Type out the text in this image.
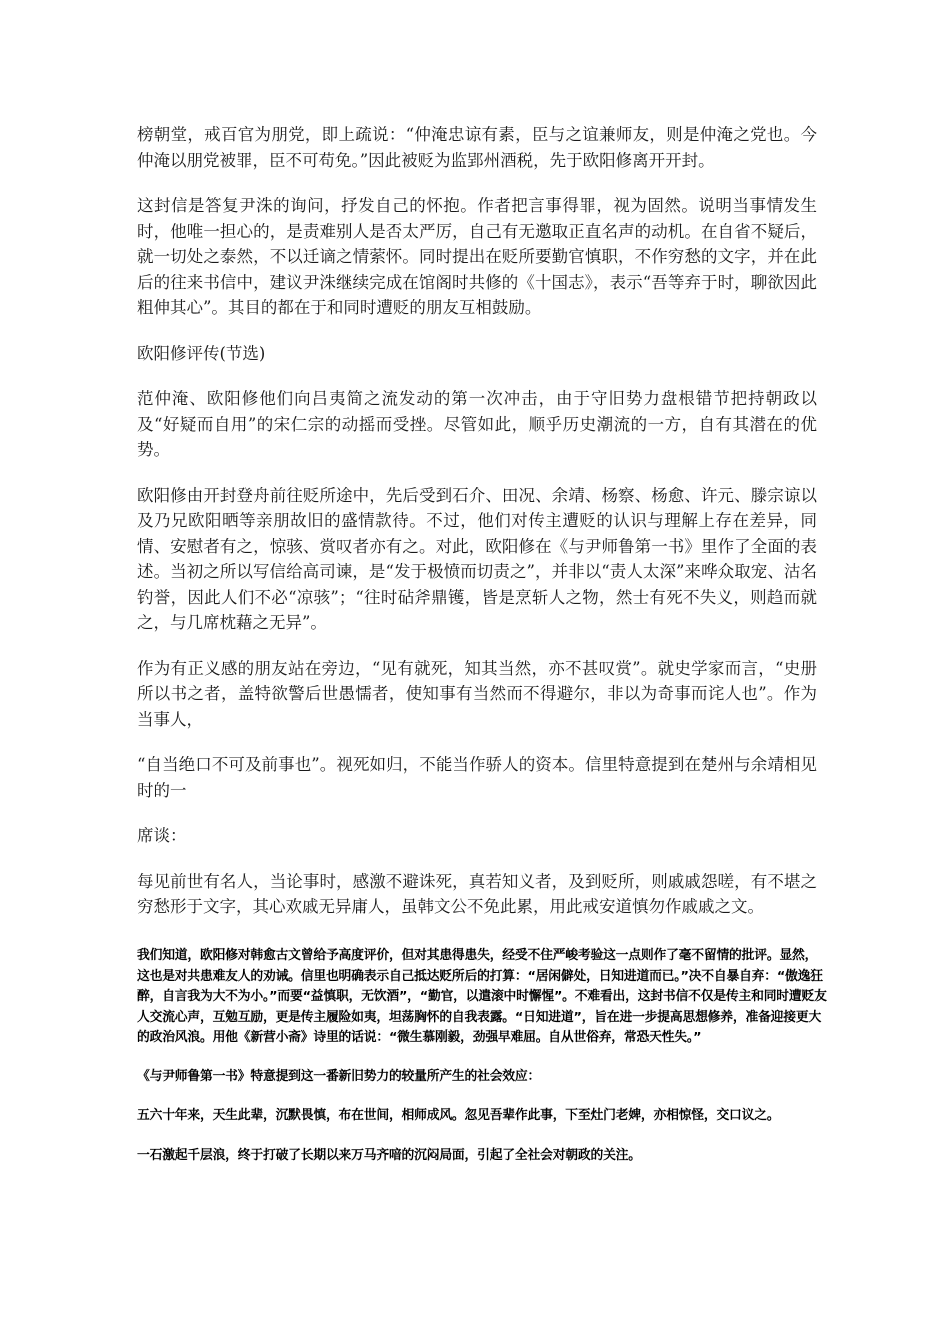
榜朝堂，戒百官为朋党，即上疏说：“仲淹忠谅有素，臣与之谊兼师友，则是仲淹之党也。今仲淹以朋党被罪，臣不可苟免。”因此被贬为监郢州酒税，先于欧阳修离开开封。

这封信是答复尹洙的询问，抒发自己的怀抱。作者把言事得罪，视为固然。说明当事情发生时，他唯一担心的，是责难别人是否太严厉，自己有无邀取正直名声的动机。在自省不疑后，就一切处之泰然，不以迁谪之情萦怀。同时提出在贬所要勤官慎职，不作穷愁的文字，并在此后的往来书信中，建议尹洙继续完成在馆阁时共修的《十国志》，表示“吾等弃于时，聊欲因此粗伸其心”。其目的都在于和同时遭贬的朋友互相鼓励。

欧阳修评传(节选)

范仲淹、欧阳修他们向吕夷简之流发动的第一次冲击，由于守旧势力盘根错节把持朝政以及“好疑而自用”的宋仁宗的动摇而受挫。尽管如此，顺乎历史潮流的一方，自有其潜在的优势。

欧阳修由开封登舟前往贬所途中，先后受到石介、田况、余靖、杨察、杨愈、许元、滕宗谅以及乃兄欧阳晒等亲朋故旧的盛情款待。不过，他们对传主遭贬的认识与理解上存在差异，同情、安慰者有之，惊骇、赏叹者亦有之。对此，欧阳修在《与尹师鲁第一书》里作了全面的表述。当初之所以写信给高司谏，是“发于极愤而切责之”，并非以“责人太深”来哗众取宠、沽名钓誉，因此人们不必“凉骇”；“往时砧斧鼎镬，皆是烹斩人之物，然士有死不失义，则趋而就之，与几席枕藉之无异”。

作为有正义感的朋友站在旁边，“见有就死，知其当然，亦不甚叹赏”。就史学家而言，“史册所以书之者，盖特欲警后世愚懦者，使知事有当然而不得避尔，非以为奇事而诧人也”。作为当事人，

“自当绝口不可及前事也”。视死如归，不能当作骄人的资本。信里特意提到在楚州与余靖相见时的一

席谈：

每见前世有名人，当论事时，感激不避诛死，真若知义者，及到贬所，则戚戚怨嗟，有不堪之穷愁形于文字，其心欢戚无异庸人，虽韩文公不免此累，用此戒安道慎勿作戚戚之文。

我们知道，欧阳修对韩愈古文曾给予高度评价，但对其患得患失，经受不住严峻考验这一点则作了毫不留情的批评。显然，这也是对共患难友人的劝诫。信里也明确表示自己抵达贬所后的打算：“居闲僻处，日知进道而已。”决不自暴自弃：“傲逸狂醉，自言我为大不为小。”而要“益慎职，无饮酒”，“勤官，以遣滚中时懈惺”。不难看出，这封书信不仅是传主和同时遭贬友人交流心声，互勉互励，更是传主履险如夷，坦荡胸怀的自我表露。“日知进道”，旨在进一步提高思想修养，准备迎接更大的政治风浪。用他《新营小斋》诗里的话说：“微生慕刚毅，劲强早难屈。自从世俗弃，常恐天性失。”

《与尹师鲁第一书》特意提到这一番新旧势力的较量所产生的社会效应：

五六十年来，天生此辈，沉默畏慎，布在世间，相师成风。忽见吾辈作此事，下至灶门老婢，亦相惊怪，交口议之。

一石激起千层浪，终于打破了长期以来万马齐喑的沉闷局面，引起了全社会对朝政的关注。
